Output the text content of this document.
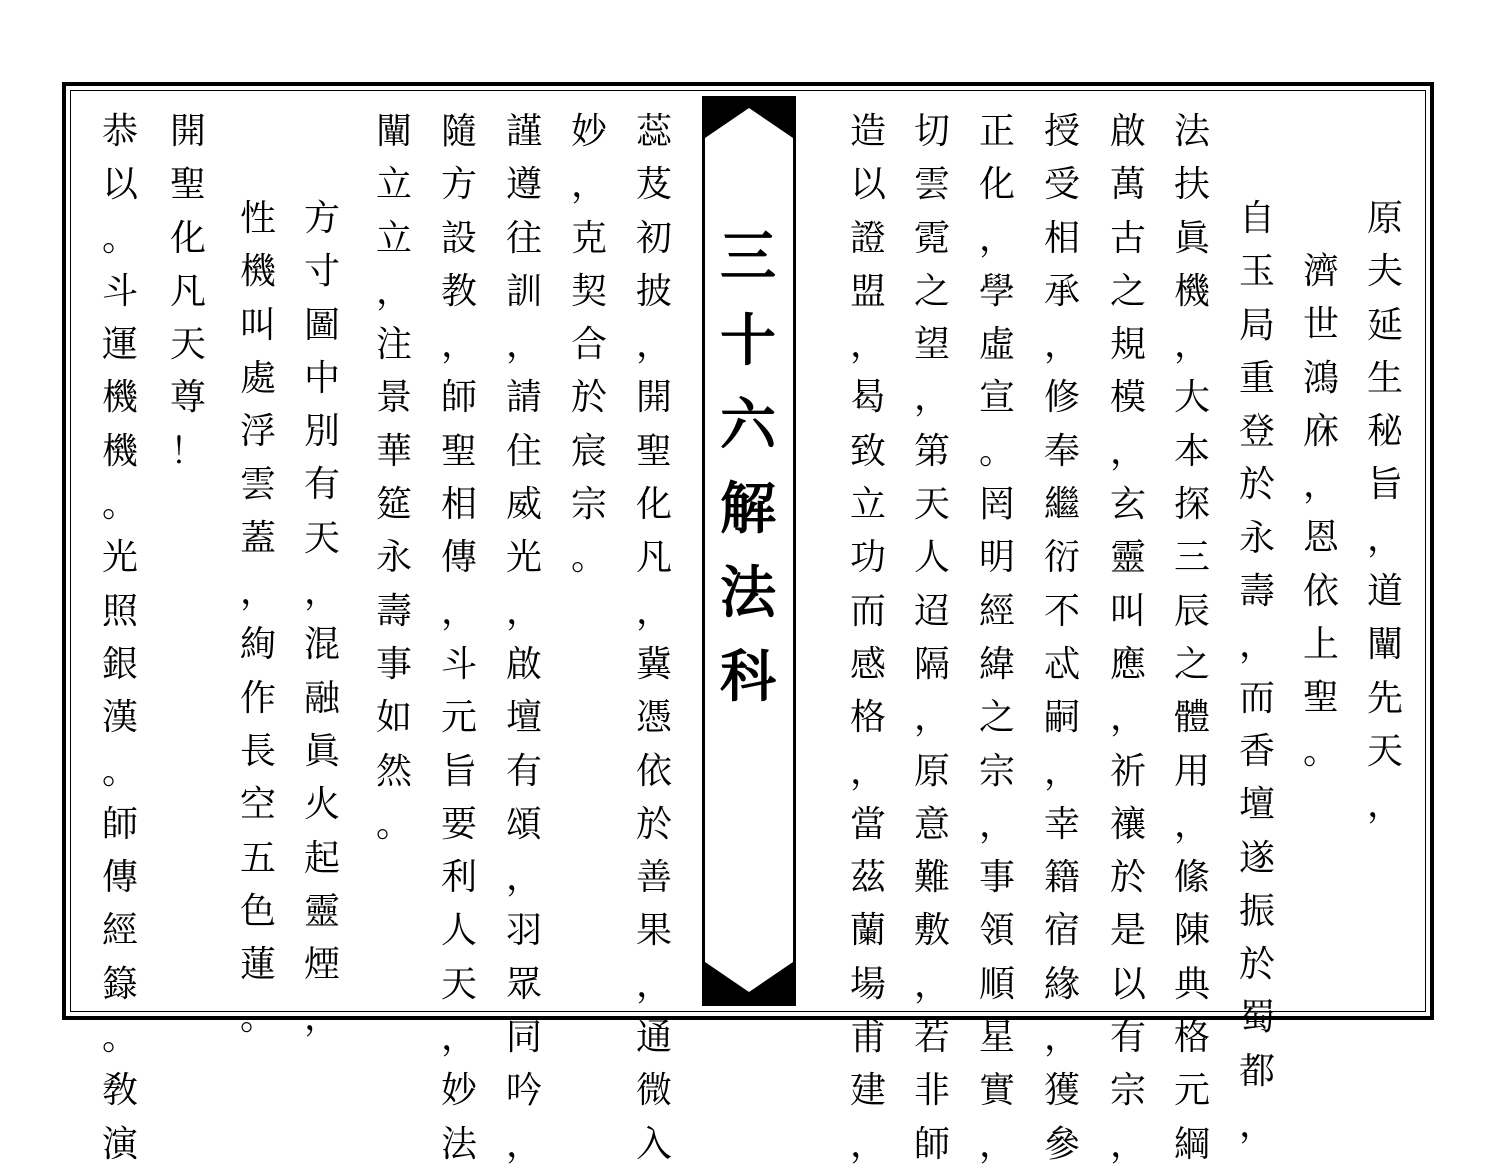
三
十
六
解
法
科
原
夫
延
生
秘
旨
，
道
闡
先
天
，
濟
世
鴻
庥
，
恩
依
上
聖
。
自
玉
局
重
登
於
永
壽
，
而
香
壇
遂
振
於
蜀
都
，
法
扶
眞
機
，
大
本
探
三
辰
之
體
用
，
絛
陳
典
格
元
綱
啟
萬
古
之
規
模
，
玄
靈
叫
應
，
祈
禳
於
是
以
有
宗
，
授
受
相
承
，
修
奉
繼
衍
不
忒
嗣
，
幸
籍
宿
緣
，
獲
參
正
化
，
學
虛
宣
。
罔
明
經
緯
之
宗
，
事
領
順
星
實
，
切
雲
霓
之
望
，
第
天
人
迢
隔
，
原
意
難
敷
，
若
非
師
造
以
證
盟
，
曷
致
立
功
而
感
格
，
當
茲
蘭
場
甫
建
，
蕊
芨
初
披
，
開
聖
化
凡
，
冀
憑
依
於
善
果
，
通
微
入
妙
，
克
契
合
於
宸
宗
。
謹
遵
往
訓
，
請
住
威
光
，
啟
壇
有
頌
，
羽
眾
同
吟
，
隨
方
設
教
，
師
聖
相
傳
，
斗
元
旨
要
利
人
天
，
妙
法
闡
立
立
，
注
景
華
筵
永
壽
事
如
然
。
方
寸
圖
中
別
有
天
，
混
融
眞
火
起
靈
煙
，
性
機
叫
處
浮
雲
蓋
，
絢
作
長
空
五
色
蓮
。
開
聖
化
凡
天
尊
！
恭
以
。
斗
運
機
機
。
光
照
銀
漢
。
師
傳
經
籙
。
敎
演
